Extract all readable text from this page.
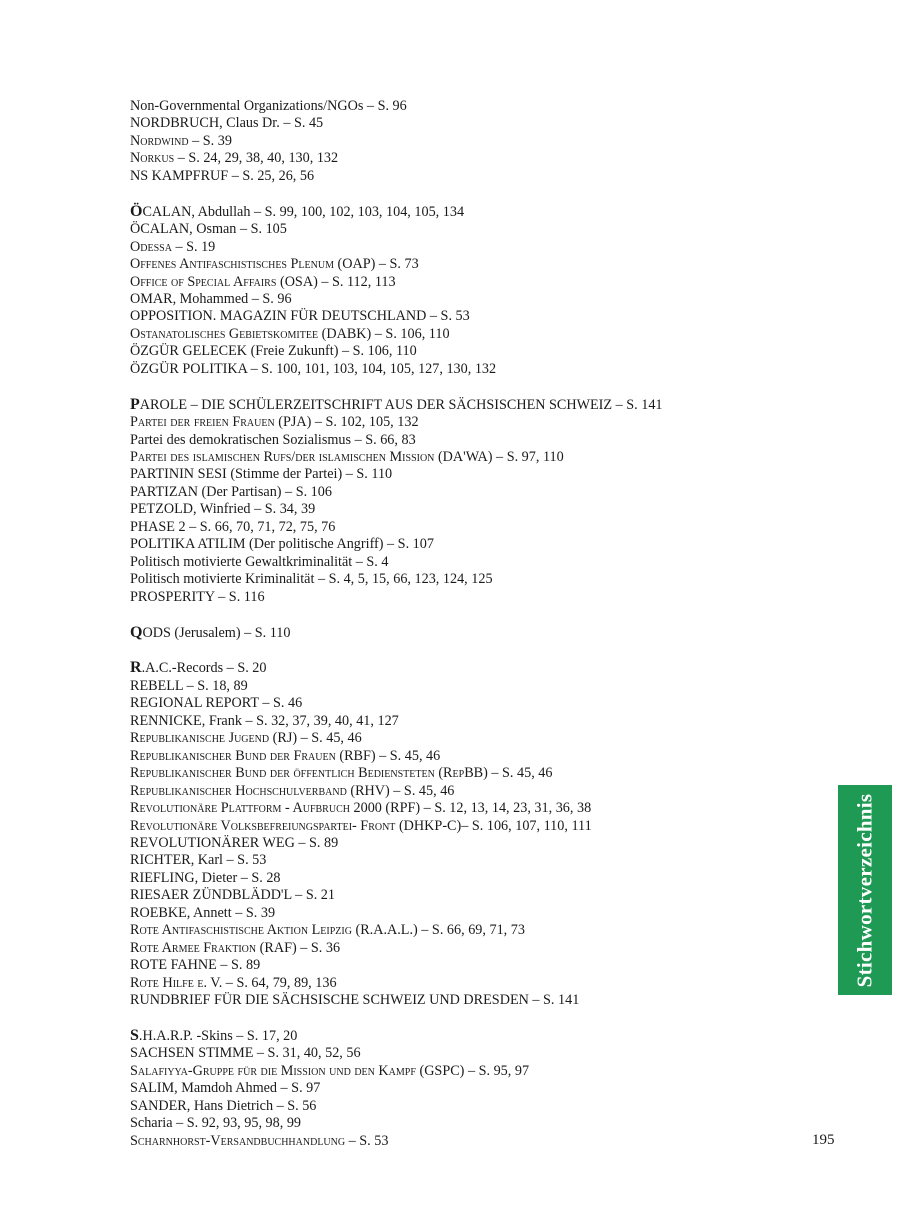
Non-Governmental Organizations/NGOs – S. 96
NORDBRUCH, Claus Dr. – S. 45
Nordwind – S. 39
Norkus – S. 24, 29, 38, 40, 130, 132
NS KAMPFRUF – S. 25, 26, 56
ÖCALAN, Abdullah – S. 99, 100, 102, 103, 104, 105, 134
ÖCALAN, Osman – S. 105
Odessa – S. 19
Offenes Antifaschistisches Plenum (OAP) – S. 73
Office of Special Affairs (OSA) – S. 112, 113
OMAR, Mohammed – S. 96
OPPOSITION. MAGAZIN FÜR DEUTSCHLAND – S. 53
Ostanatolisches Gebietskomitee (DABK) – S. 106, 110
ÖZGÜR GELECEK (Freie Zukunft) – S. 106, 110
ÖZGÜR POLITIKA – S. 100, 101, 103, 104, 105, 127, 130, 132
PAROLE – DIE SCHÜLERZEITSCHRIFT AUS DER SÄCHSISCHEN SCHWEIZ – S. 141
Partei der freien Frauen (PJA) – S. 102, 105, 132
Partei des demokratischen Sozialismus – S. 66, 83
Partei des islamischen Rufs/der islamischen Mission (DA'WA) – S. 97, 110
PARTININ SESI (Stimme der Partei) – S. 110
PARTIZAN (Der Partisan) – S. 106
PETZOLD, Winfried – S. 34, 39
PHASE 2 – S. 66, 70, 71, 72, 75, 76
POLITIKA ATILIM (Der politische Angriff) – S. 107
Politisch motivierte Gewaltkriminalität – S. 4
Politisch motivierte Kriminalität – S. 4, 5, 15, 66, 123, 124, 125
PROSPERITY – S. 116
QODS (Jerusalem) – S. 110
R.A.C.-Records – S. 20
REBELL – S. 18, 89
REGIONAL REPORT – S. 46
RENNICKE, Frank – S. 32, 37, 39, 40, 41, 127
Republikanische Jugend (RJ) – S. 45, 46
Republikanischer Bund der Frauen (RBF) – S. 45, 46
Republikanischer Bund der öffentlich Bediensteten (RepBB) – S. 45, 46
Republikanischer Hochschulverband (RHV) – S. 45, 46
Revolutionäre Plattform - Aufbruch 2000 (RPF) – S. 12, 13, 14, 23, 31, 36, 38
Revolutionäre Volksbefreiungspartei- Front (DHKP-C)– S. 106, 107, 110, 111
REVOLUTIONÄRER WEG – S. 89
RICHTER, Karl – S. 53
RIEFLING, Dieter – S. 28
RIESAER ZÜNDBLÄDD'L – S. 21
ROEBKE, Annett – S. 39
Rote Antifaschistische Aktion Leipzig (R.A.A.L.) – S. 66, 69, 71, 73
Rote Armee Fraktion (RAF) – S. 36
ROTE FAHNE – S. 89
Rote Hilfe e. V. – S. 64, 79, 89, 136
RUNDBRIEF FÜR DIE SÄCHSISCHE SCHWEIZ UND DRESDEN – S. 141
S.H.A.R.P. -Skins – S. 17, 20
SACHSEN STIMME – S. 31, 40, 52, 56
Salafiyya-Gruppe für die Mission und den Kampf (GSPC) – S. 95, 97
SALIM, Mamdoh Ahmed – S. 97
SANDER, Hans Dietrich – S. 56
Scharia – S. 92, 93, 95, 98, 99
Scharnhorst-Versandbuchhandlung – S. 53
Stichwortverzeichnis
195
